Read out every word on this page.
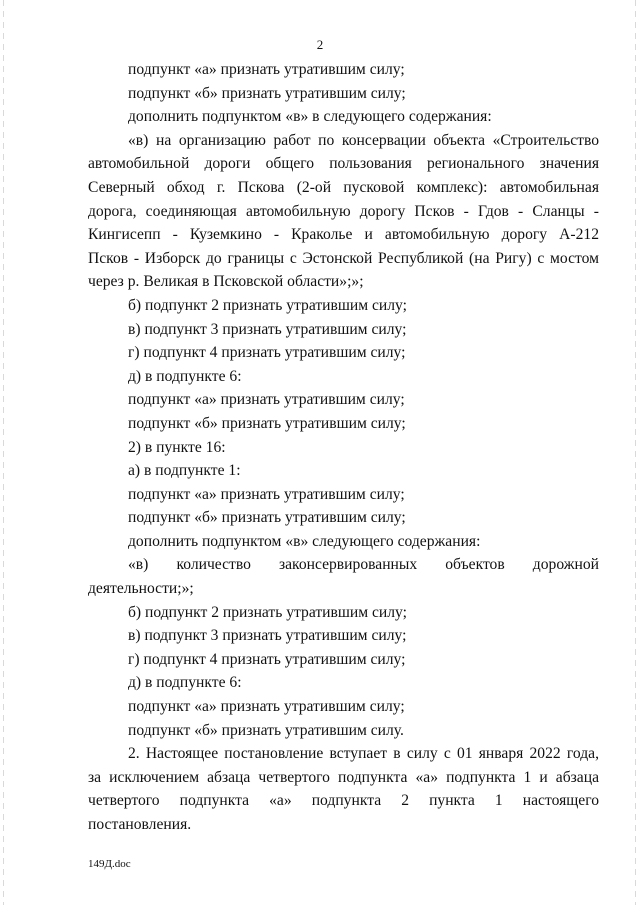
2
подпункт «а» признать утратившим силу;
подпункт «б» признать утратившим силу;
дополнить подпунктом «в» в следующего содержания:
«в) на организацию работ по консервации объекта «Строительство
автомобильной дороги общего пользования регионального значения
Северный обход г. Пскова (2-ой пусковой комплекс): автомобильная
дорога, соединяющая автомобильную дорогу Псков - Гдов - Сланцы -
Кингисепп - Куземкино - Краколье и автомобильную дорогу А-212
Псков - Изборск до границы с Эстонской Республикой (на Ригу) с мостом
через р. Великая в Псковской области»;»;
б) подпункт 2 признать утратившим силу;
в) подпункт 3 признать утратившим силу;
г) подпункт 4 признать утратившим силу;
д) в подпункте 6:
подпункт «а» признать утратившим силу;
подпункт «б» признать утратившим силу;
2) в пункте 16:
а) в подпункте 1:
подпункт «а» признать утратившим силу;
подпункт «б» признать утратившим силу;
дополнить подпунктом «в» следующего содержания:
«в) количество законсервированных объектов дорожной
деятельности;»;
б) подпункт 2 признать утратившим силу;
в) подпункт 3 признать утратившим силу;
г) подпункт 4 признать утратившим силу;
д) в подпункте 6:
подпункт «а» признать утратившим силу;
подпункт «б» признать утратившим силу.
2. Настоящее постановление вступает в силу с 01 января 2022 года,
за исключением абзаца четвертого подпункта «а» подпункта 1 и абзаца
четвертого подпункта «а» подпункта 2 пункта 1 настоящего
постановления.
149Д.doc
